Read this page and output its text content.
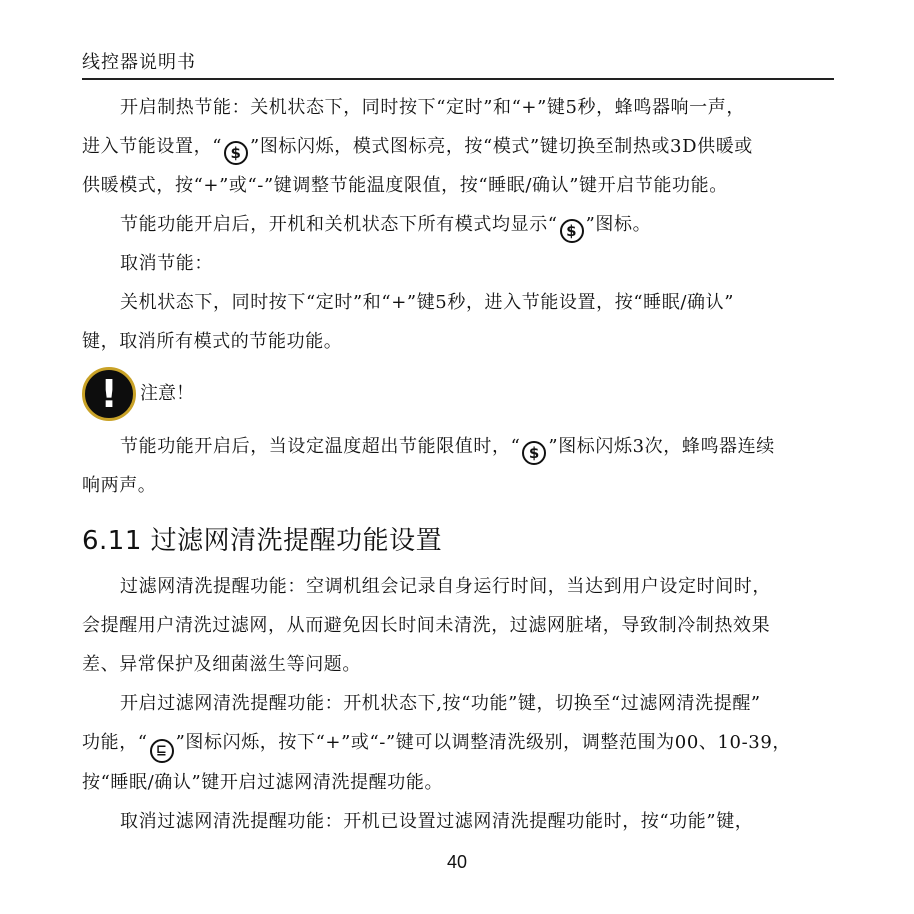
线控器说明书
开启制热节能：关机状态下，同时按下“定时”和“+”键5秒，蜂鸣器响一声，
进入节能设置，“ $ ”图标闪烁，模式图标亮，按“模式”键切换至制热或3D供暖或
供暖模式，按“+”或“-”键调整节能温度限值，按“睡眠/确认”键开启节能功能。
节能功能开启后，开机和关机状态下所有模式均显示“ $ ”图标。
取消节能：
关机状态下，同时按下“定时”和“+”键5秒，进入节能设置，按“睡眠/确认”
键，取消所有模式的节能功能。
!	注意！
节能功能开启后，当设定温度超出节能限值时，“ $ ”图标闪烁3次，蜂鸣器连续
响两声。
6.11 过滤网清洗提醒功能设置
过滤网清洗提醒功能：空调机组会记录自身运行时间，当达到用户设定时间时，
会提醒用户清洗过滤网，从而避免因长时间未清洗，过滤网脏堵，导致制冷制热效果
差、异常保护及细菌滋生等问题。
开启过滤网清洗提醒功能：开机状态下,按“功能”键，切换至“过滤网清洗提醒”
功能，“ ⊑ ”图标闪烁，按下“+”或“-”键可以调整清洗级别，调整范围为00、10-39，
按“睡眠/确认”键开启过滤网清洗提醒功能。
取消过滤网清洗提醒功能：开机已设置过滤网清洗提醒功能时，按“功能”键，
40
